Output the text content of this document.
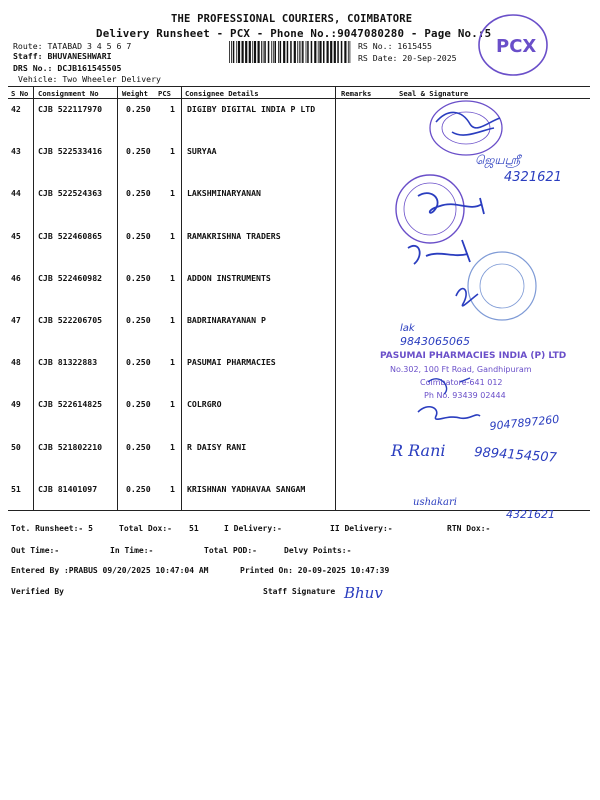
THE PROFESSIONAL COURIERS, COIMBATORE
Delivery Runsheet - PCX - Phone No.:9047080280 - Page No.:5
Route: TATABAD 3 4 5 6 7
Staff: BHUVANESHWARI
DRS No.: DCJB161545505
Vehicle: Two Wheeler Delivery
RS No.: 1615455
RS Date: 20-Sep-2025
PCX
S No Consignment No	Weight PCS Consignee Details	Remarks	Seal & Signature
42 CJB 522117970	0.250 1 DIGIBY DIGITAL INDIA P LTD
43 CJB 522533416	0.250 1 SURYAA
44 CJB 522524363	0.250 1 LAKSHMINARYANAN
45 CJB 522460865	0.250 1 RAMAKRISHNA TRADERS
46 CJB 522460982	0.250 1 ADDON INSTRUMENTS
47 CJB 522206705	0.250 1 BADRINARAYANAN P
48 CJB 81322883	0.250 1 PASUMAI PHARMACIES
49 CJB 522614825	0.250 1 COLRGRO
50 CJB 521802210	0.250 1 R DAISY RANI
51 CJB 81401097	0.250 1 KRISHNAN YADHAVAA SANGAM
ஜெயஸ்ரீ
4321621
lak
9843065065
PASUMAI PHARMACIES INDIA (P) LTD
No.302, 100 Ft Road, Gandhipuram
Coimbatore-641 012
Ph No. 93439 02444
9047897260
R Rani 9894154507
ushakari
4321621
Bhuv
Tot. Runsheet:- 5	Total Dox:- 51	I Delivery:-	II Delivery:-	RTN Dox:-
Out Time:-	In Time:-	Total POD:-	Delvy Points:-
Entered By :PRABUS 09/20/2025 10:47:04 AM	Printed On: 20-09-2025 10:47:39
Verified By	Staff Signature
